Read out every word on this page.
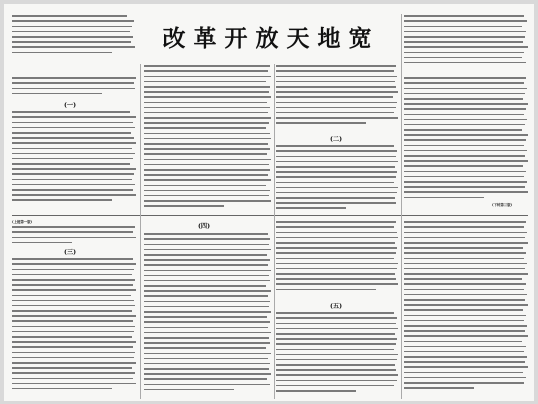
改革开放天地宽
(一)
(二)
(下转第三版)
(上接第一版)
(三)
(四)
(五)
